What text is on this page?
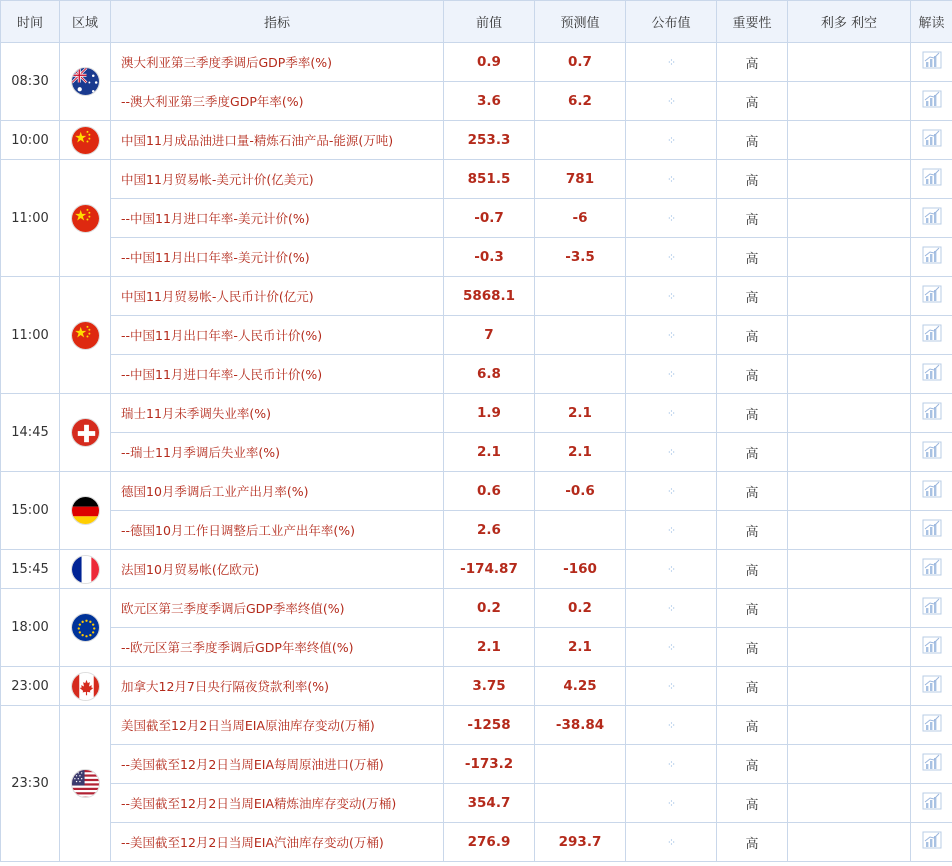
时间	区域	指标	前值	预测值	公布值	重要性	利多 利空	解读
08:30		澳大利亚第三季度季调后GDP季率(%)	0.9	0.7	⁘	高		
		--澳大利亚第三季度GDP年率(%)	3.6	6.2	⁘	高		
10:00		中国11月成品油进口量-精炼石油产品-能源(万吨)	253.3		⁘	高		
11:00		中国11月贸易帐-美元计价(亿美元)	851.5	781	⁘	高		
		--中国11月进口年率-美元计价(%)	-0.7	-6	⁘	高		
		--中国11月出口年率-美元计价(%)	-0.3	-3.5	⁘	高		
11:00		中国11月贸易帐-人民币计价(亿元)	5868.1		⁘	高		
		--中国11月出口年率-人民币计价(%)	7		⁘	高		
		--中国11月进口年率-人民币计价(%)	6.8		⁘	高		
14:45		瑞士11月未季调失业率(%)	1.9	2.1	⁘	高		
		--瑞士11月季调后失业率(%)	2.1	2.1	⁘	高		
15:00		德国10月季调后工业产出月率(%)	0.6	-0.6	⁘	高		
		--德国10月工作日调整后工业产出年率(%)	2.6		⁘	高		
15:45		法国10月贸易帐(亿欧元)	-174.87	-160	⁘	高		
18:00		欧元区第三季度季调后GDP季率终值(%)	0.2	0.2	⁘	高		
		--欧元区第三季度季调后GDP年率终值(%)	2.1	2.1	⁘	高		
23:00		加拿大12月7日央行隔夜贷款利率(%)	3.75	4.25	⁘	高		
23:30		美国截至12月2日当周EIA原油库存变动(万桶)	-1258	-38.84	⁘	高		
		--美国截至12月2日当周EIA每周原油进口(万桶)	-173.2		⁘	高		
		--美国截至12月2日当周EIA精炼油库存变动(万桶)	354.7		⁘	高		
		--美国截至12月2日当周EIA汽油库存变动(万桶)	276.9	293.7	⁘	高		
